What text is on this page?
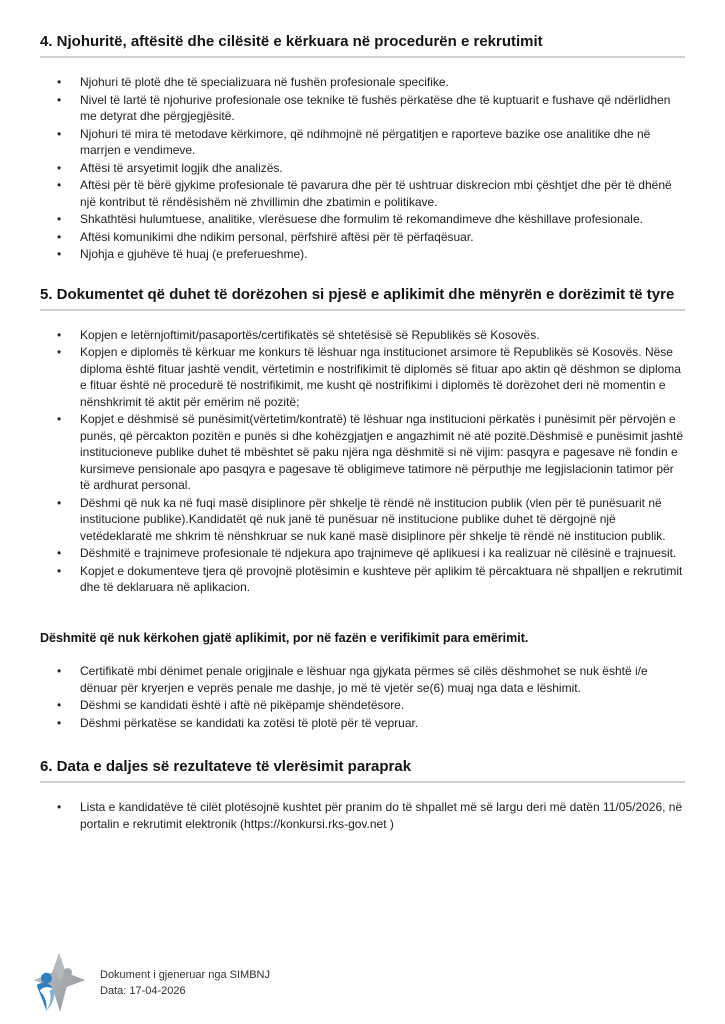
4. Njohuritë, aftësitë dhe cilësitë e kërkuara në procedurën e rekrutimit
• Njohuri të plotë dhe të specializuara në fushën profesionale specifike.
• Nivel të lartë të njohurive profesionale ose teknike të fushës përkatëse dhe të kuptuarit e fushave që ndërlidhen me detyrat dhe përgjegjësitë.
• Njohuri të mira të metodave kërkimore, që ndihmojnë në përgatitjen e raporteve bazike ose analitike dhe në marrjen e vendimeve.
• Aftësi të arsyetimit logjik dhe analizës.
• Aftësi për të bërë gjykime profesionale të pavarura dhe për të ushtruar diskrecion mbi çështjet dhe për të dhënë një kontribut të rëndësishëm në zhvillimin dhe zbatimin e politikave.
• Shkathtësi hulumtuese, analitike, vlerësuese dhe formulim të rekomandimeve dhe këshillave profesionale.
• Aftësi komunikimi dhe ndikim personal, përfshirë aftësi për të përfaqësuar.
• Njohja e gjuhëve të huaj (e preferueshme).
5. Dokumentet që duhet të dorëzohen si pjesë e aplikimit dhe mënyrën e dorëzimit të tyre
• Kopjen e letërnjoftimit/pasaportës/certifikatës së shtetësisë së Republikës së Kosovës.
• Kopjen e diplomës të kërkuar me konkurs të lëshuar nga institucionet arsimore të Republikës së Kosovës. Nëse diploma është fituar jashtë vendit, vërtetimin e nostrifikimit të diplomës së fituar apo aktin që dëshmon se diploma e fituar është në procedurë të nostrifikimit, me kusht që nostrifikimi i diplomës të dorëzohet deri në momentin e nënshkrimit të aktit për emërim në pozitë;
• Kopjet e dëshmisë së punësimit(vërtetim/kontratë) të lëshuar nga institucioni përkatës i punësimit për përvojën e punës, që përcakton pozitën e punës si dhe kohëzgjatjen e angazhimit në atë pozitë.Dëshmisë e punësimit jashtë institucioneve publike duhet të mbështet së paku njëra nga dëshmitë si në vijim: pasqyra e pagesave në fondin e kursimeve pensionale apo pasqyra e pagesave të obligimeve tatimore në përputhje me legjislacionin tatimor për të ardhurat personal.
• Dëshmi që nuk ka në fuqi masë disiplinore për shkelje të rëndë në institucion publik (vlen për të punësuarit në institucione publike).Kandidatët që nuk janë të punësuar në institucione publike duhet të dërgojnë një vetëdeklaratë me shkrim të nënshkruar se nuk kanë masë disiplinore për shkelje të rëndë në institucion publik.
• Dëshmitë e trajnimeve profesionale të ndjekura apo trajnimeve që aplikuesi i ka realizuar në cilësinë e trajnuesit.
• Kopjet e dokumenteve tjera që provojnë plotësimin e kushteve për aplikim të përcaktuara në shpalljen e rekrutimit dhe të deklaruara në aplikacion.

Dëshmitë që nuk kërkohen gjatë aplikimit, por në fazën e verifikimit para emërimit.

• Certifikatë mbi dënimet penale origjinale e lëshuar nga gjykata përmes së cilës dëshmohet se nuk është i/e dënuar për kryerjen e veprës penale me dashje, jo më të vjetër se(6) muaj nga data e lëshimit.
• Dëshmi se kandidati është i aftë në pikëpamje shëndetësore.
• Dëshmi përkatëse se kandidati ka zotësi të plotë për të vepruar.
6. Data e daljes së rezultateve të vlerësimit paraprak
• Lista e kandidatëve të cilët plotësojnë kushtet për pranim do të shpallet më së largu deri më datën 11/05/2026, në portalin e rekrutimit elektronik (https://konkursi.rks-gov.net )
Dokument i gjeneruar nga SIMBNJ
Data: 17-04-2026
